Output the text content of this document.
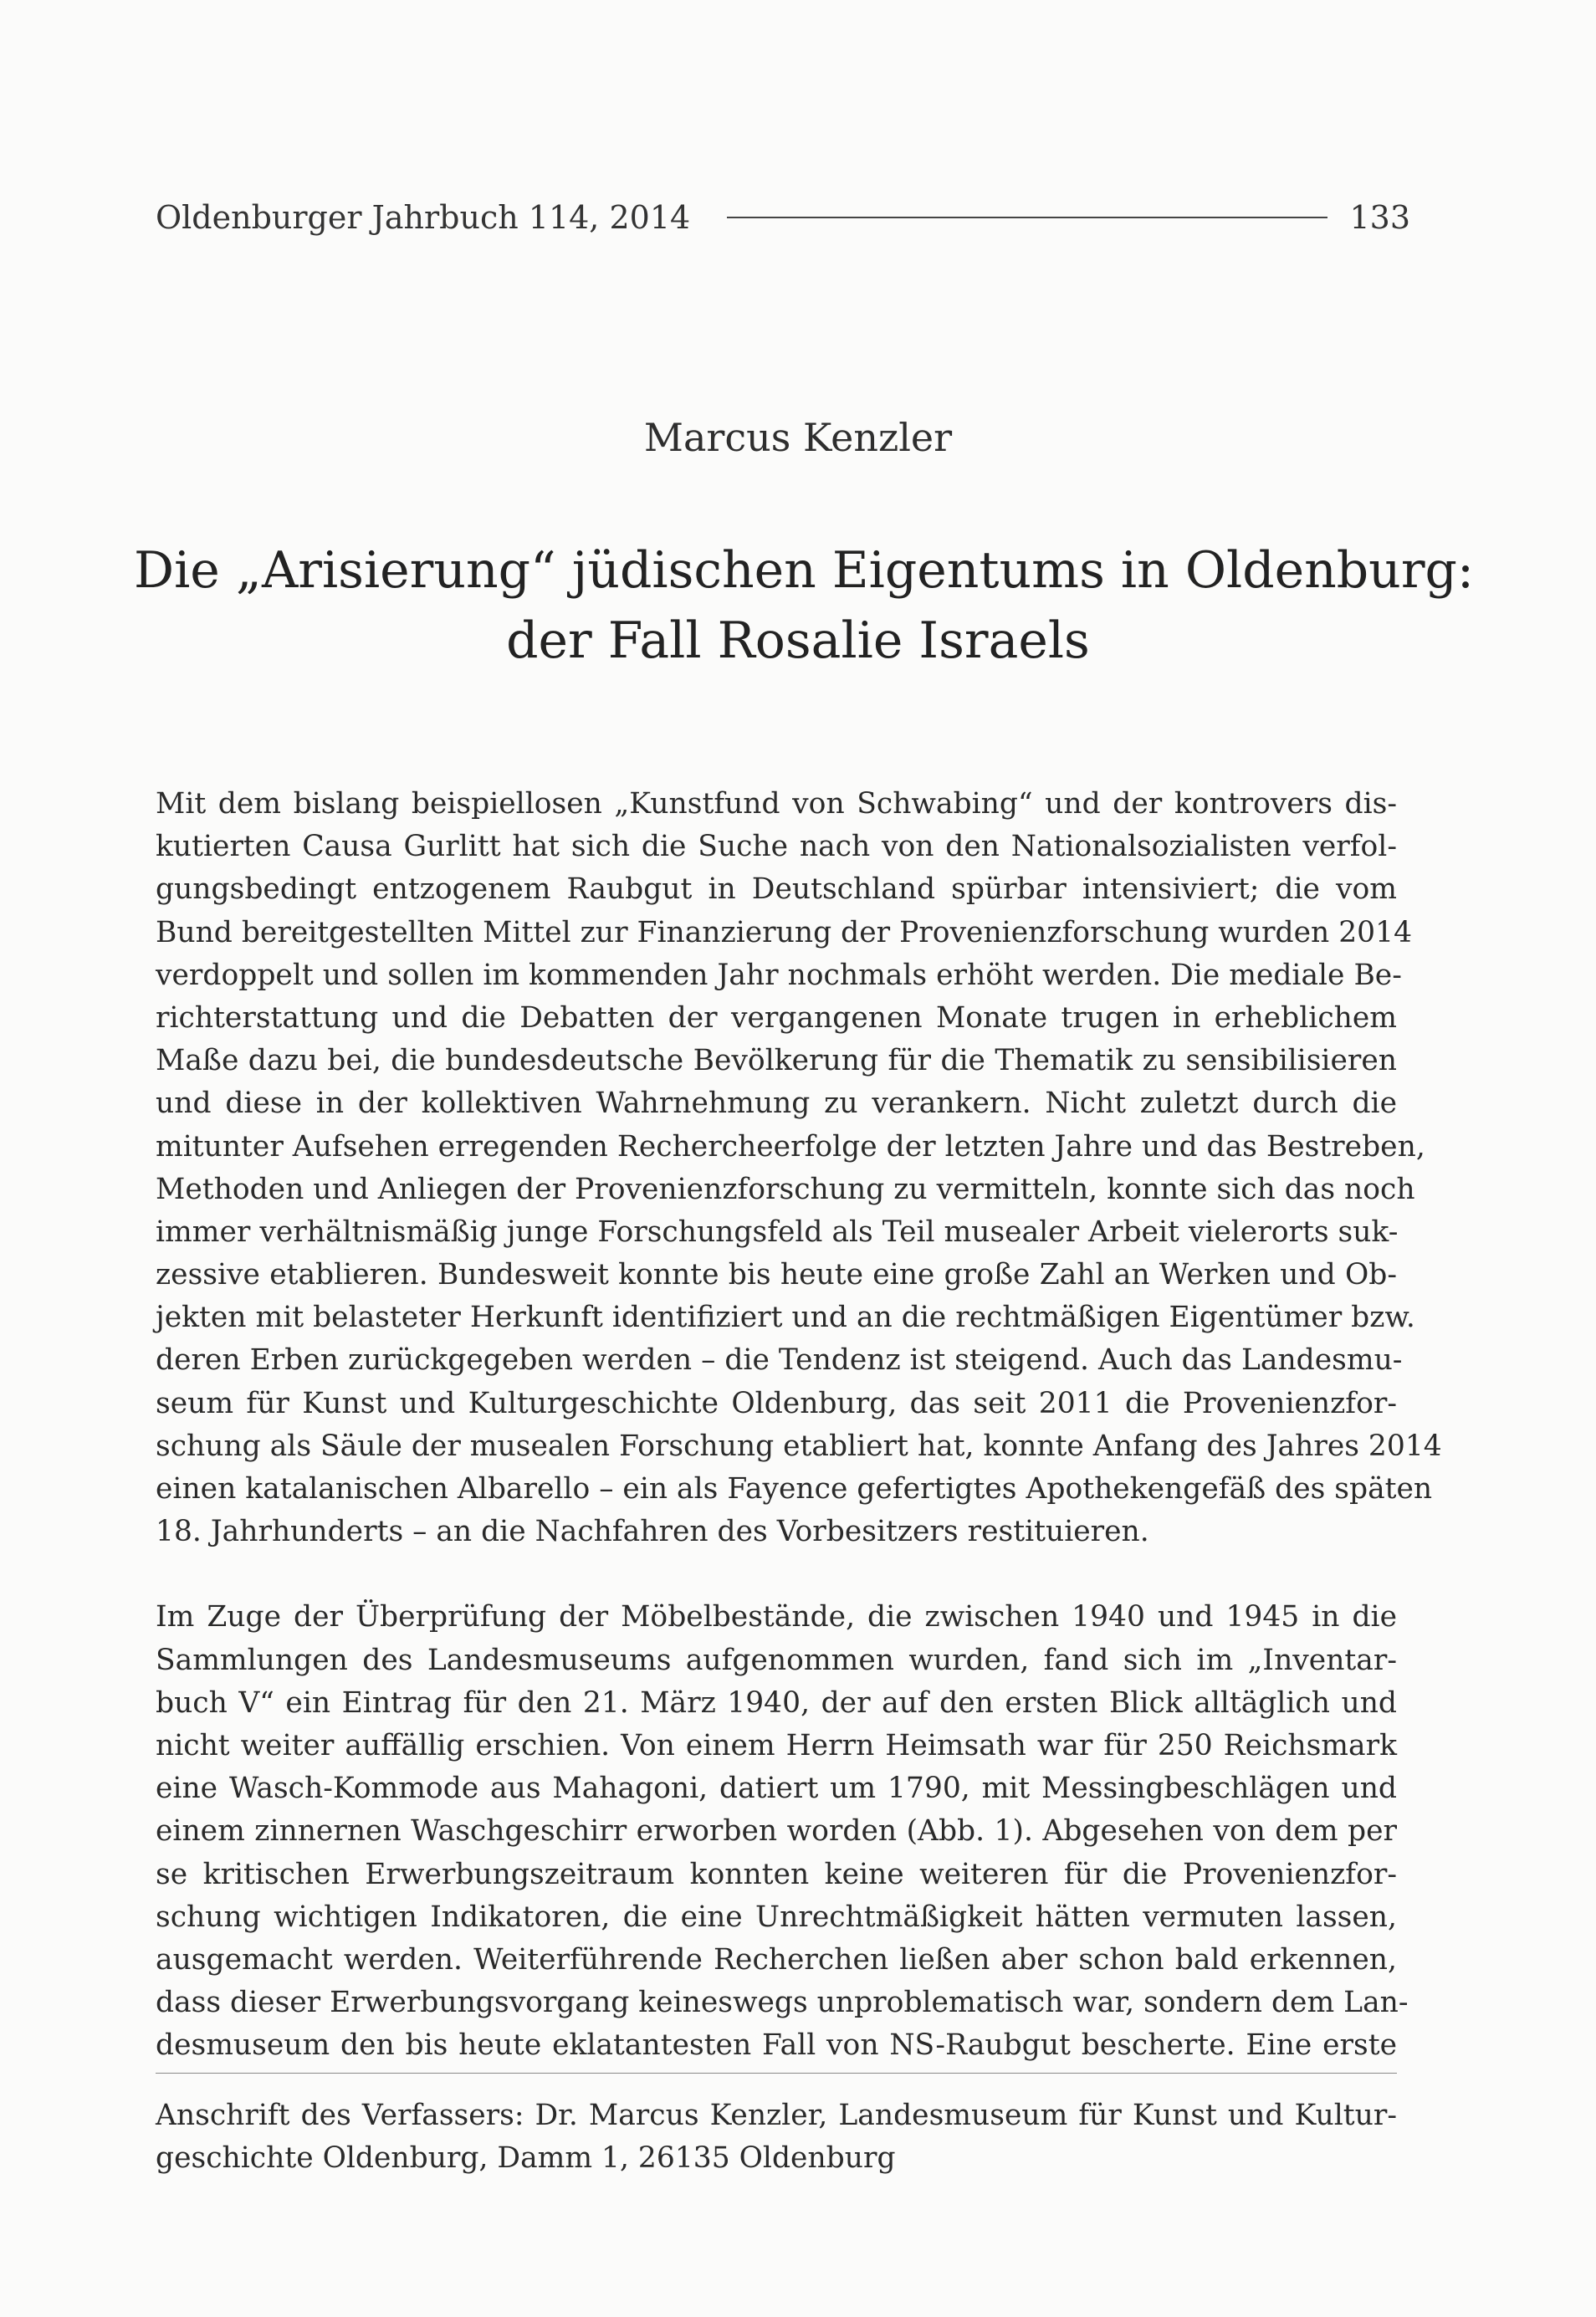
Oldenburger Jahrbuch 114, 2014	133
Marcus Kenzler
Die „Arisierung“ jüdischen Eigentums in Oldenburg:
der Fall Rosalie Israels

Mit dem bislang beispiellosen „Kunstfund von Schwabing“ und der kontrovers dis-
kutierten Causa Gurlitt hat sich die Suche nach von den Nationalsozialisten verfol-
gungsbedingt entzogenem Raubgut in Deutschland spürbar intensiviert; die vom
Bund bereitgestellten Mittel zur Finanzierung der Provenienzforschung wurden 2014
verdoppelt und sollen im kommenden Jahr nochmals erhöht werden. Die mediale Be-
richterstattung und die Debatten der vergangenen Monate trugen in erheblichem
Maße dazu bei, die bundesdeutsche Bevölkerung für die Thematik zu sensibilisieren
und diese in der kollektiven Wahrnehmung zu verankern. Nicht zuletzt durch die
mitunter Aufsehen erregenden Rechercheerfolge der letzten Jahre und das Bestreben,
Methoden und Anliegen der Provenienzforschung zu vermitteln, konnte sich das noch
immer verhältnismäßig junge Forschungsfeld als Teil musealer Arbeit vielerorts suk-
zessive etablieren. Bundesweit konnte bis heute eine große Zahl an Werken und Ob-
jekten mit belasteter Herkunft identifiziert und an die rechtmäßigen Eigentümer bzw.
deren Erben zurückgegeben werden – die Tendenz ist steigend. Auch das Landesmu-
seum für Kunst und Kulturgeschichte Oldenburg, das seit 2011 die Provenienzfor-
schung als Säule der musealen Forschung etabliert hat, konnte Anfang des Jahres 2014
einen katalanischen Albarello – ein als Fayence gefertigtes Apothekengefäß des späten
18. Jahrhunderts – an die Nachfahren des Vorbesitzers restituieren.

Im Zuge der Überprüfung der Möbelbestände, die zwischen 1940 und 1945 in die
Sammlungen des Landesmuseums aufgenommen wurden, fand sich im „Inventar-
buch V“ ein Eintrag für den 21. März 1940, der auf den ersten Blick alltäglich und
nicht weiter auffällig erschien. Von einem Herrn Heimsath war für 250 Reichsmark
eine Wasch-Kommode aus Mahagoni, datiert um 1790, mit Messingbeschlägen und
einem zinnernen Waschgeschirr erworben worden (Abb. 1). Abgesehen von dem per
se kritischen Erwerbungszeitraum konnten keine weiteren für die Provenienzfor-
schung wichtigen Indikatoren, die eine Unrechtmäßigkeit hätten vermuten lassen,
ausgemacht werden. Weiterführende Recherchen ließen aber schon bald erkennen,
dass dieser Erwerbungsvorgang keineswegs unproblematisch war, sondern dem Lan-
desmuseum den bis heute eklatantesten Fall von NS-Raubgut bescherte. Eine erste

Anschrift des Verfassers: Dr. Marcus Kenzler, Landesmuseum für Kunst und Kultur-
geschichte Oldenburg, Damm 1, 26135 Oldenburg
